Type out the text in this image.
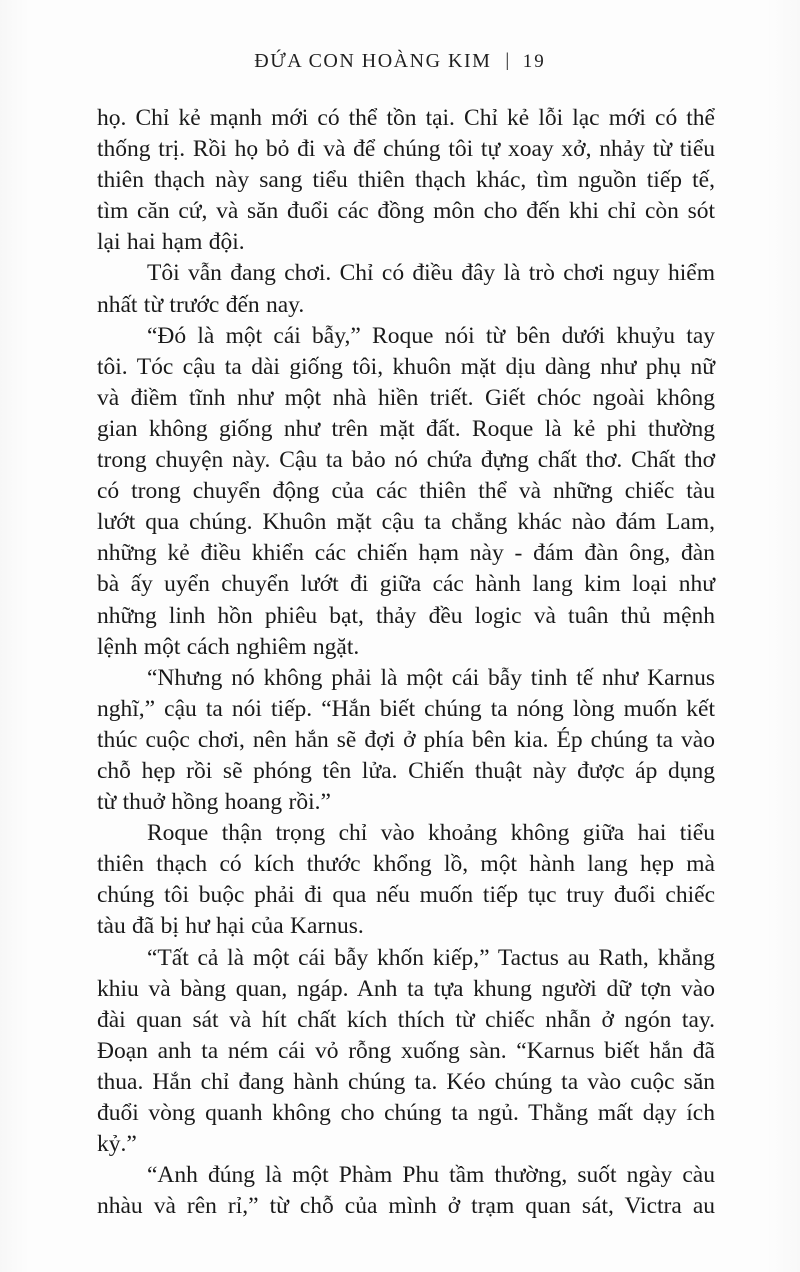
ĐỨA CON HOÀNG KIM | 19
họ. Chỉ kẻ mạnh mới có thể tồn tại. Chỉ kẻ lỗi lạc mới có thể
thống trị. Rồi họ bỏ đi và để chúng tôi tự xoay xở, nhảy từ tiểu
thiên thạch này sang tiểu thiên thạch khác, tìm nguồn tiếp tế,
tìm căn cứ, và săn đuổi các đồng môn cho đến khi chỉ còn sót
lại hai hạm đội.
Tôi vẫn đang chơi. Chỉ có điều đây là trò chơi nguy hiểm
nhất từ trước đến nay.
“Đó là một cái bẫy,” Roque nói từ bên dưới khuỷu tay
tôi. Tóc cậu ta dài giống tôi, khuôn mặt dịu dàng như phụ nữ
và điềm tĩnh như một nhà hiền triết. Giết chóc ngoài không
gian không giống như trên mặt đất. Roque là kẻ phi thường
trong chuyện này. Cậu ta bảo nó chứa đựng chất thơ. Chất thơ
có trong chuyển động của các thiên thể và những chiếc tàu
lướt qua chúng. Khuôn mặt cậu ta chẳng khác nào đám Lam,
những kẻ điều khiển các chiến hạm này - đám đàn ông, đàn
bà ấy uyển chuyển lướt đi giữa các hành lang kim loại như
những linh hồn phiêu bạt, thảy đều logic và tuân thủ mệnh
lệnh một cách nghiêm ngặt.
“Nhưng nó không phải là một cái bẫy tinh tế như Karnus
nghĩ,” cậu ta nói tiếp. “Hắn biết chúng ta nóng lòng muốn kết
thúc cuộc chơi, nên hắn sẽ đợi ở phía bên kia. Ép chúng ta vào
chỗ hẹp rồi sẽ phóng tên lửa. Chiến thuật này được áp dụng
từ thuở hồng hoang rồi.”
Roque thận trọng chỉ vào khoảng không giữa hai tiểu
thiên thạch có kích thước khổng lồ, một hành lang hẹp mà
chúng tôi buộc phải đi qua nếu muốn tiếp tục truy đuổi chiếc
tàu đã bị hư hại của Karnus.
“Tất cả là một cái bẫy khốn kiếp,” Tactus au Rath, khẳng
khiu và bàng quan, ngáp. Anh ta tựa khung người dữ tợn vào
đài quan sát và hít chất kích thích từ chiếc nhẫn ở ngón tay.
Đoạn anh ta ném cái vỏ rỗng xuống sàn. “Karnus biết hắn đã
thua. Hắn chỉ đang hành chúng ta. Kéo chúng ta vào cuộc săn
đuổi vòng quanh không cho chúng ta ngủ. Thằng mất dạy ích
kỷ.”
“Anh đúng là một Phàm Phu tầm thường, suốt ngày càu
nhàu và rên rỉ,” từ chỗ của mình ở trạm quan sát, Victra au
